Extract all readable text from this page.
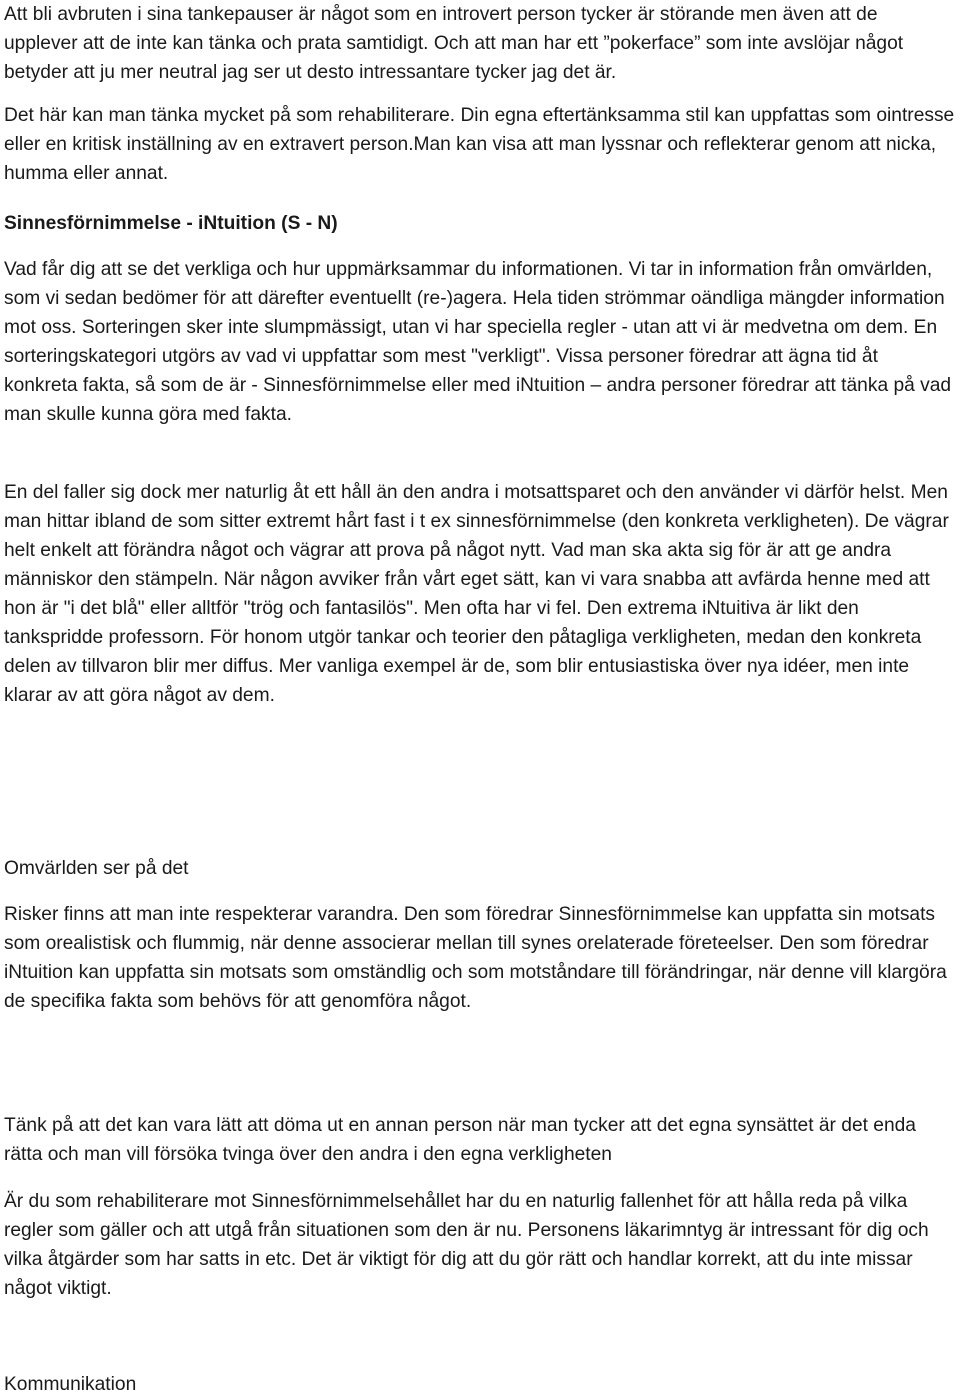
Att bli avbruten i sina tankepauser är något som en introvert person tycker är störande men även att de upplever att de inte kan tänka och prata samtidigt. Och att man har ett ”pokerface” som inte avslöjar något betyder att ju mer neutral jag ser ut desto intressantare tycker jag det är.

Det här kan man tänka mycket på som rehabiliterare. Din egna eftertänksamma stil kan uppfattas som ointresse eller en kritisk inställning av en extravert person.Man kan visa att man lyssnar och reflekterar genom att nicka, humma eller annat.

Sinnesförnimmelse - iNtuition (S - N)

Vad får dig att se det verkliga och hur uppmärksammar du informationen. Vi tar in information från omvärlden, som vi sedan bedömer för att därefter eventuellt (re-)agera. Hela tiden strömmar oändliga mängder information mot oss. Sorteringen sker inte slumpmässigt, utan vi har speciella regler - utan att vi är medvetna om dem. En sorteringskategori utgörs av vad vi uppfattar som mest "verkligt". Vissa personer föredrar att ägna tid åt konkreta fakta, så som de är - Sinnesförnimmelse eller med iNtuition – andra personer föredrar att tänka på vad man skulle kunna göra med fakta.

En del faller sig dock mer naturlig åt ett håll än den andra i motsattsparet och den använder vi därför helst. Men man hittar ibland de som sitter extremt hårt fast i t ex sinnesförnimmelse (den konkreta verkligheten). De vägrar helt enkelt att förändra något och vägrar att prova på något nytt. Vad man ska akta sig för är att ge andra människor den stämpeln. När någon avviker från vårt eget sätt, kan vi vara snabba att avfärda henne med att hon är "i det blå" eller alltför "trög och fantasilös". Men ofta har vi fel. Den extrema iNtuitiva är likt den tankspridde professorn. För honom utgör tankar och teorier den påtagliga verkligheten, medan den konkreta delen av tillvaron blir mer diffus. Mer vanliga exempel är de, som blir entusiastiska över nya idéer, men inte klarar av att göra något av dem.

Omvärlden ser på det

Risker finns att man inte respekterar varandra. Den som föredrar Sinnesförnimmelse kan uppfatta sin motsats som orealistisk och flummig, när denne associerar mellan till synes orelaterade företeelser. Den som föredrar iNtuition kan uppfatta sin motsats som omständlig och som motståndare till förändringar, när denne vill klargöra de specifika fakta som behövs för att genomföra något.

Tänk på att det kan vara lätt att döma ut en annan person när man tycker att det egna synsättet är det enda rätta och man vill försöka tvinga över den andra i den egna verkligheten

Är du som rehabiliterare mot Sinnesförnimmelsehållet har du en naturlig fallenhet för att hålla reda på vilka regler som gäller och att utgå från situationen som den är nu. Personens läkarimntyg är intressant för dig och vilka åtgärder som har satts in etc. Det är viktigt för dig att du gör rätt och handlar korrekt, att du inte missar något viktigt.

Kommunikation
